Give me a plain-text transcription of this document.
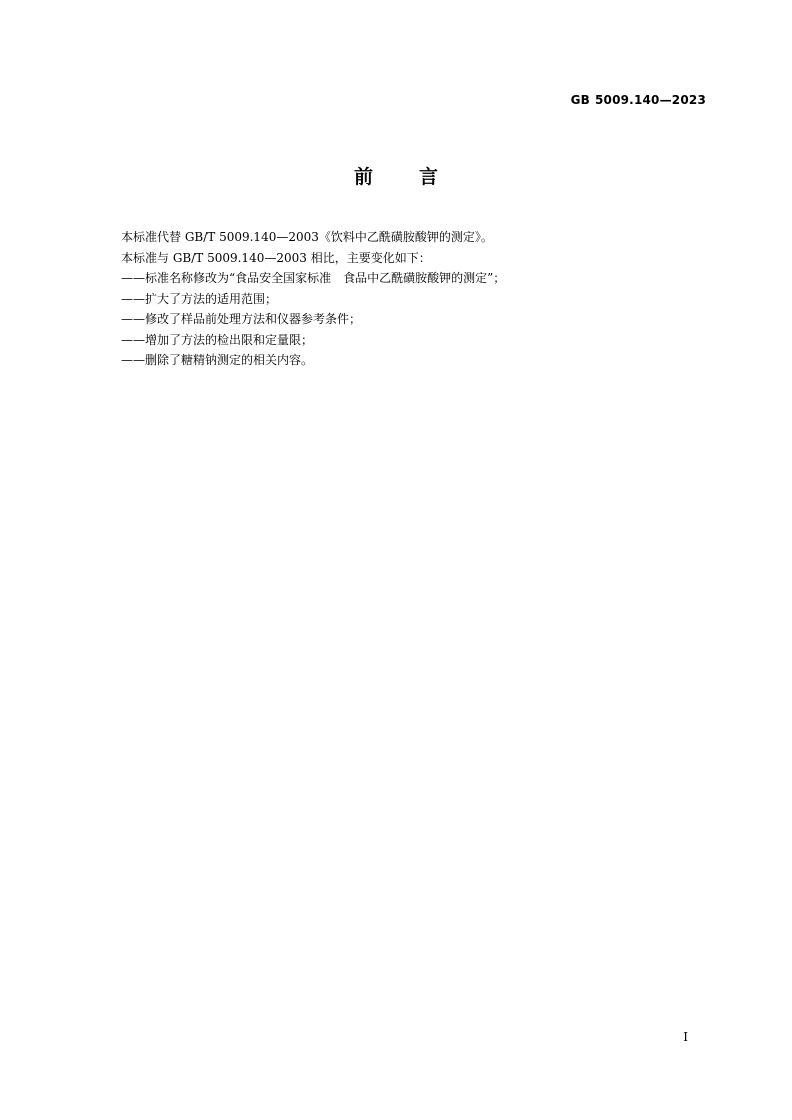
GB 5009.140—2023
前 言
本标准代替 GB/T 5009.140—2003《饮料中乙酰磺胺酸钾的测定》。
本标准与 GB/T 5009.140—2003 相比，主要变化如下：
——标准名称修改为“食品安全国家标准　食品中乙酰磺胺酸钾的测定”；
——扩大了方法的适用范围；
——修改了样品前处理方法和仪器参考条件；
——增加了方法的检出限和定量限；
——删除了糖精钠测定的相关内容。
I
